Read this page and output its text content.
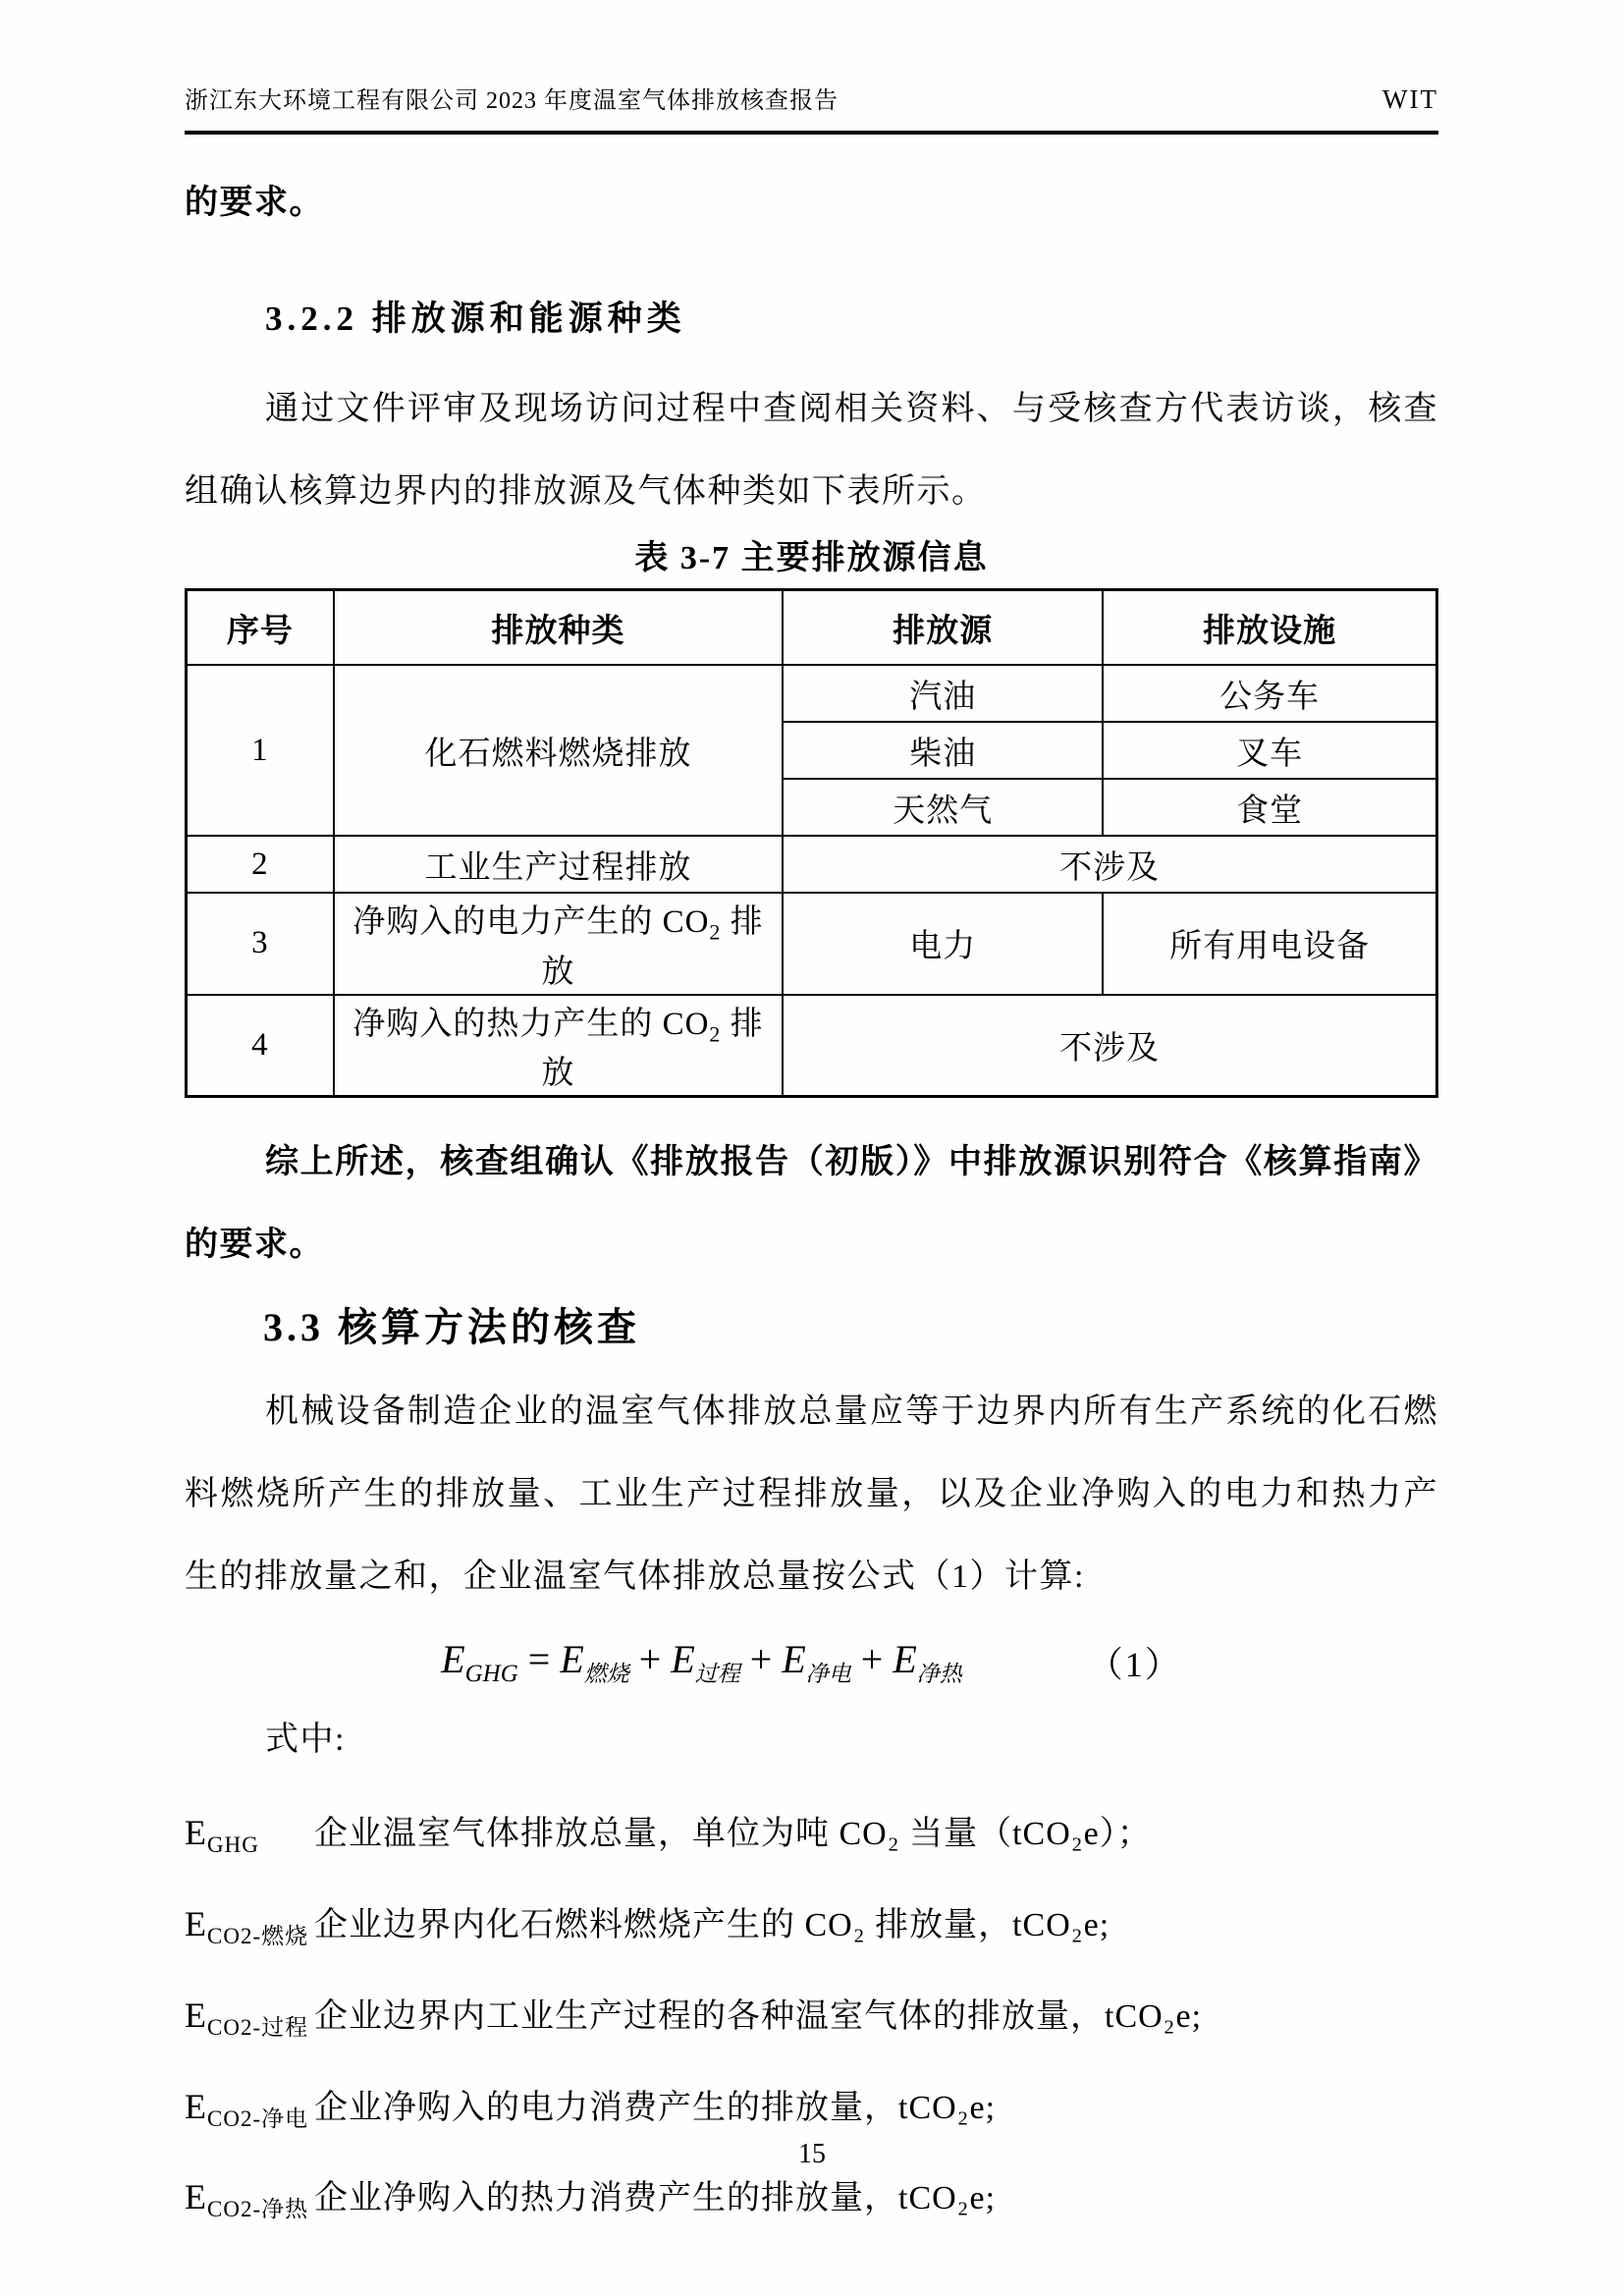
浙江东大环境工程有限公司 2023 年度温室气体排放核查报告	WIT

的要求。

3.2.2 排放源和能源种类

通过文件评审及现场访问过程中查阅相关资料、与受核查方代表访谈，核查组确认核算边界内的排放源及气体种类如下表所示。

表 3-7 主要排放源信息
序号	排放种类	排放源	排放设施
1	化石燃料燃烧排放	汽油	公务车
		柴油	叉车
		天然气	食堂
2	工业生产过程排放	不涉及	
3	净购入的电力产生的 $CO_2$ 排放	电力	所有用电设备
4	净购入的热力产生的 $CO_2$ 排放	不涉及	

综上所述，核查组确认《排放报告（初版）》中排放源识别符合《核算指南》的要求。

3.3 核算方法的核查

机械设备制造企业的温室气体排放总量应等于边界内所有生产系统的化石燃料燃烧所产生的排放量、工业生产过程排放量，以及企业净购入的电力和热力产生的排放量之和，企业温室气体排放总量按公式（1）计算:

$E_{GHG} = E_{燃烧} + E_{过程} + E_{净电} + E_{净热}$	（1）

式中:

$E_{GHG}$	企业温室气体排放总量，单位为吨 CO₂ 当量（tCO₂e）；
$E_{CO2-燃烧}$ 企业边界内化石燃料燃烧产生的 CO₂ 排放量，tCO₂e;
$E_{CO2-过程}$ 企业边界内工业生产过程的各种温室气体的排放量，tCO₂e;
$E_{CO2-净电}$ 企业净购入的电力消费产生的排放量，tCO₂e;
$E_{CO2-净热}$ 企业净购入的热力消费产生的排放量，tCO₂e;
15
